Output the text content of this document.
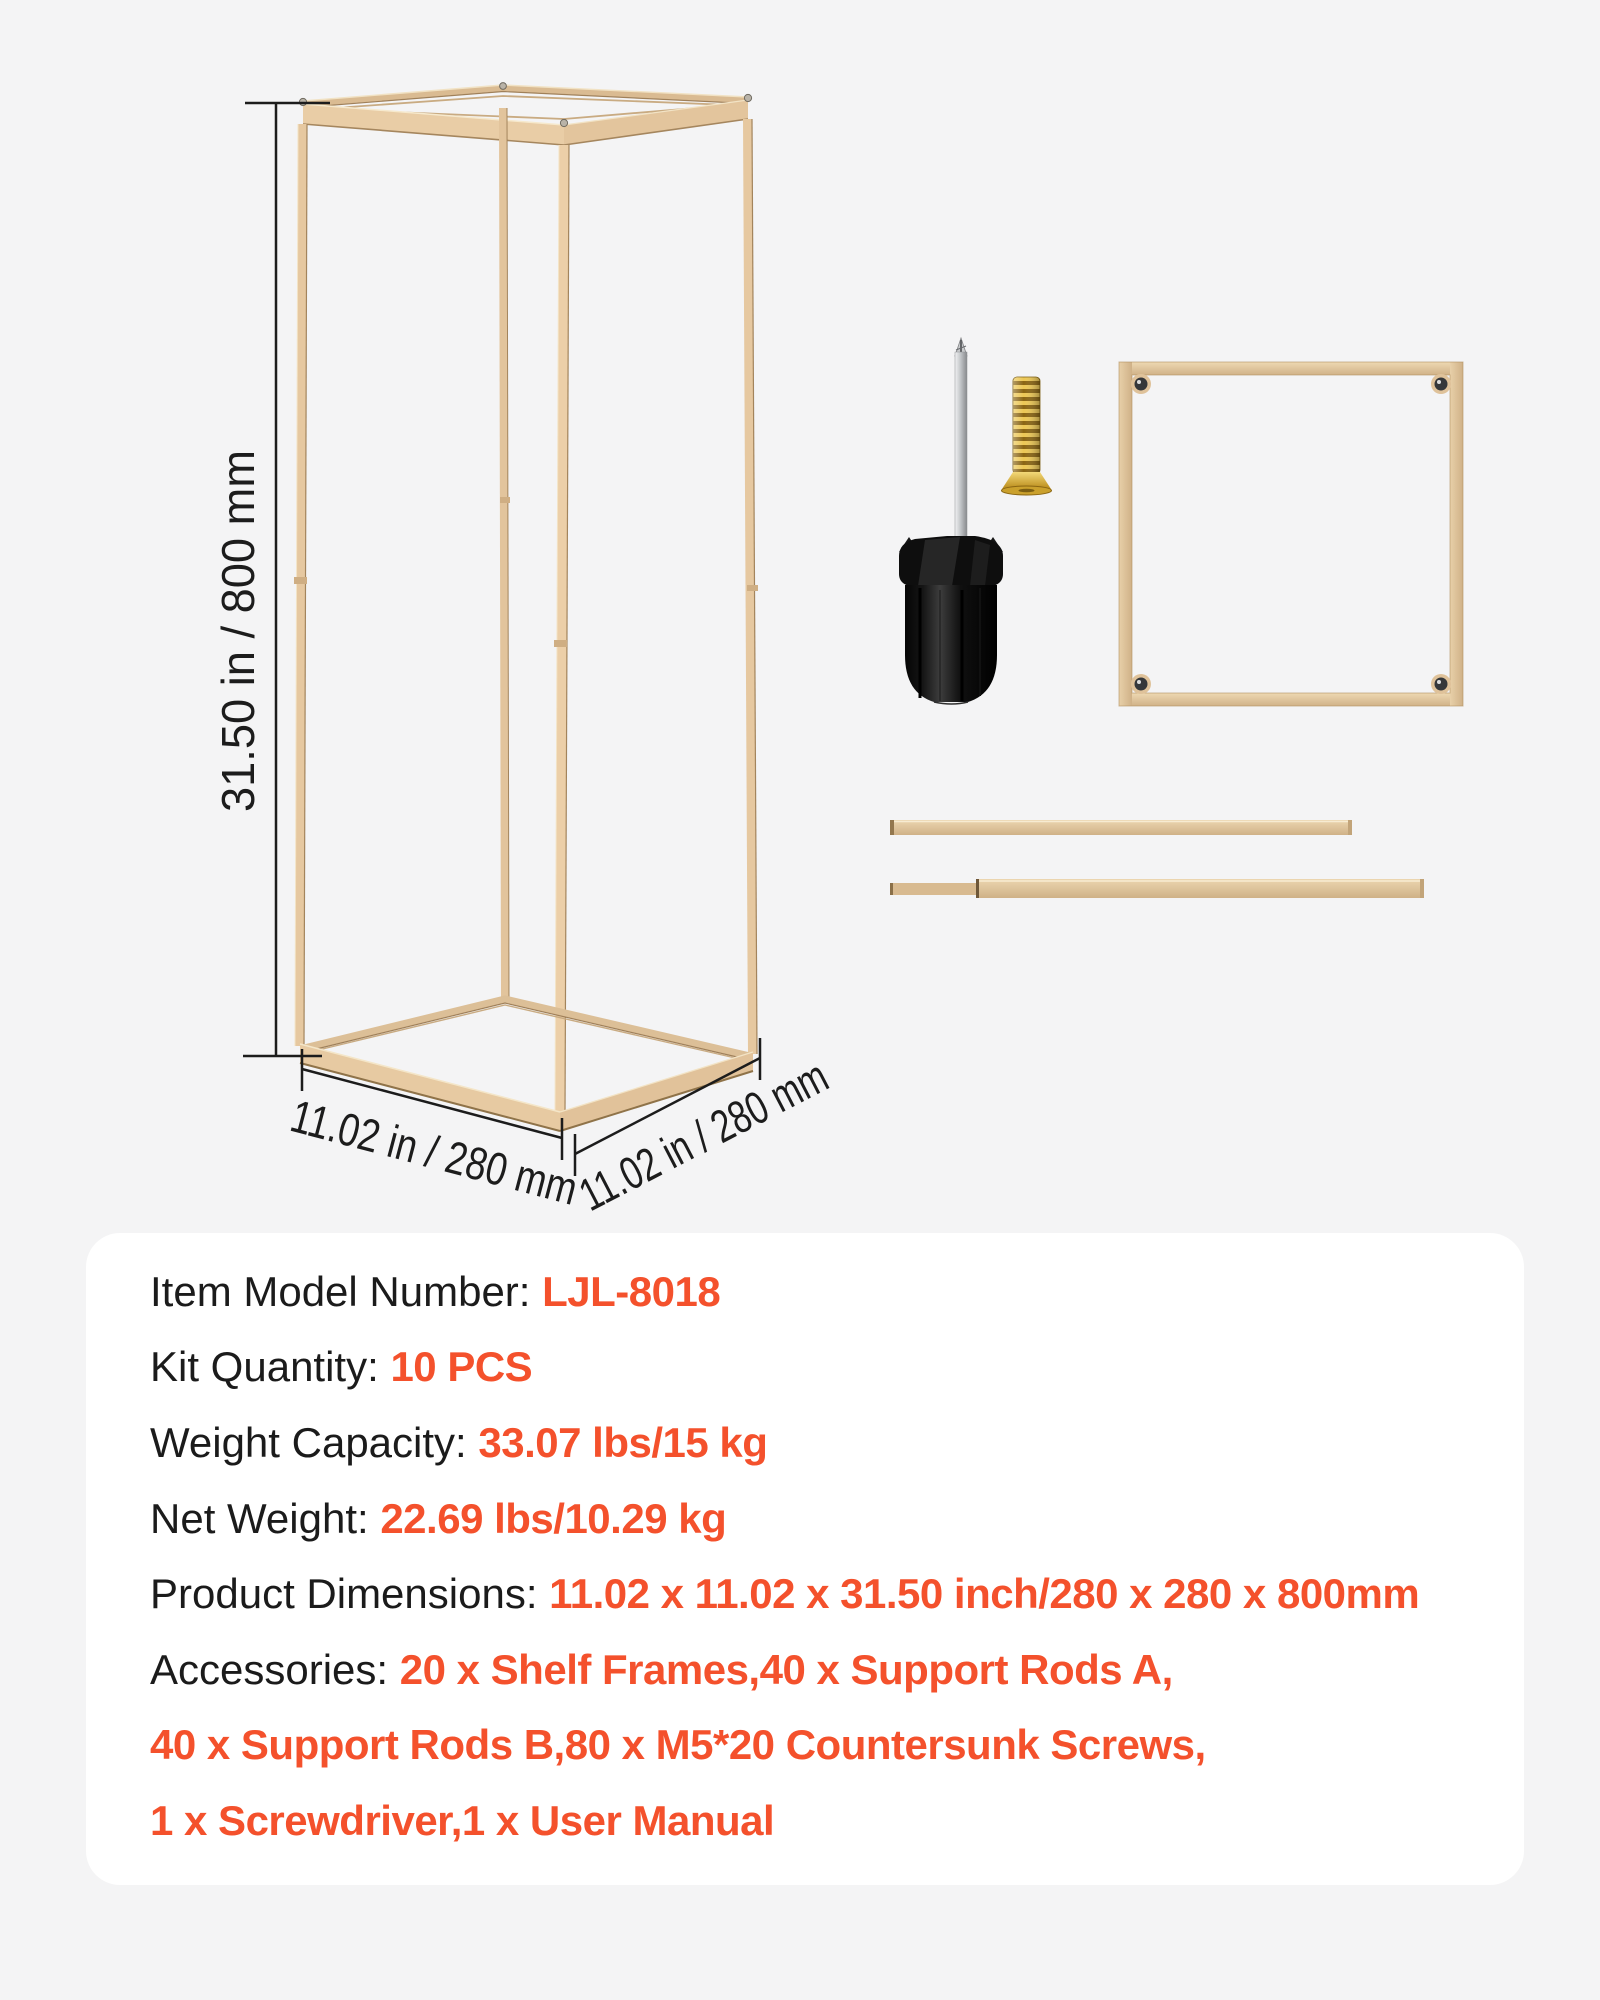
31.50 in / 800 mm
11.02 in / 280 mm
11.02 in / 280 mm
Item Model Number: LJL-8018
Kit Quantity: 10 PCS
Weight Capacity: 33.07 lbs/15 kg
Net Weight: 22.69 lbs/10.29 kg
Product Dimensions: 11.02 x 11.02 x 31.50 inch/280 x 280 x 800mm
Accessories: 20 x Shelf Frames,40 x Support Rods A,
40 x Support Rods B,80 x M5*20 Countersunk Screws,
1 x Screwdriver,1 x User Manual
